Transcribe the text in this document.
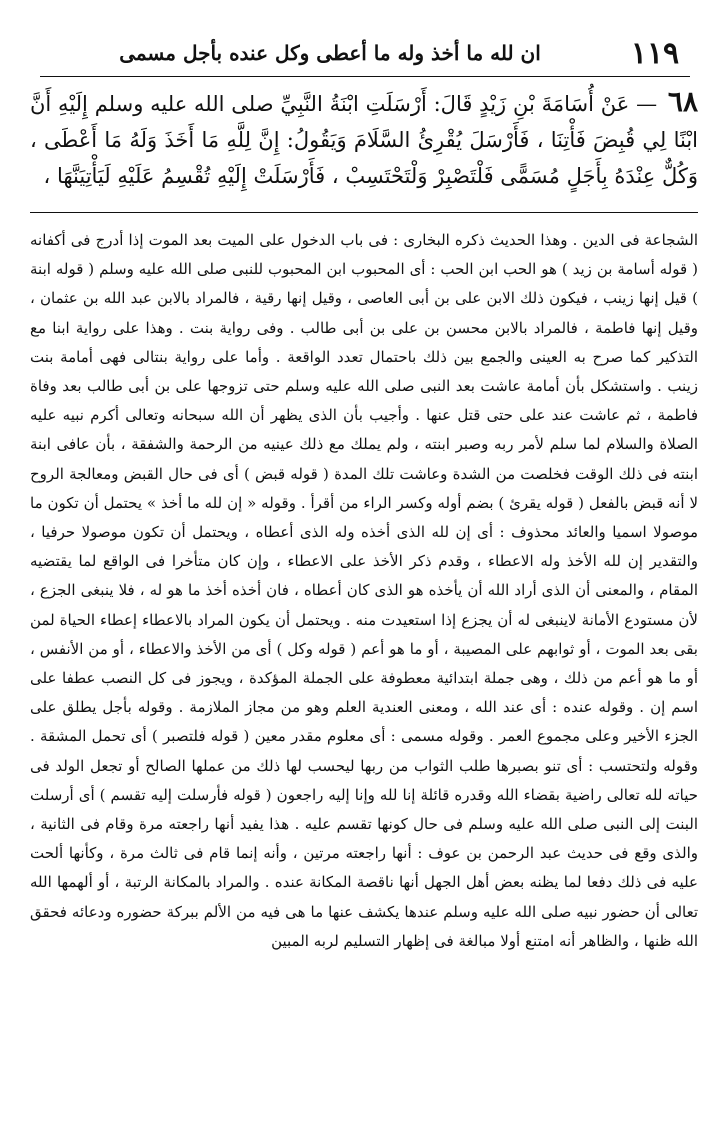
١١٩
ان لله ما أخذ وله ما أعطى وكل عنده بأجل مسمى
٦٨ — عَنْ أُسَامَةَ بْنِ زَيْدٍ قَالَ: أَرْسَلَتِ ابْنَةُ النَّبِيِّ صلى الله عليه وسلم إِلَيْهِ أَنَّ ابْنًا لِي قُبِضَ فَأْتِنَا ، فَأَرْسَلَ يُقْرِئُ السَّلَامَ وَيَقُولُ: إِنَّ لِلَّهِ مَا أَخَذَ وَلَهُ مَا أَعْطَى ، وَكُلٌّ عِنْدَهُ بِأَجَلٍ مُسَمًّى فَلْتَصْبِرْ وَلْتَحْتَسِبْ ، فَأَرْسَلَتْ إِلَيْهِ تُقْسِمُ عَلَيْهِ لَيَأْتِيَنَّهَا ،

الشجاعة فى الدين . وهذا الحديث ذكره البخارى : فى باب الدخول على الميت بعد الموت إذا أدرج فى أكفانه ( قوله أسامة بن زيد ) هو الحب ابن الحب : أى المحبوب ابن المحبوب للنبى صلى الله عليه وسلم ( قوله ابنة ) قيل إنها زينب ، فيكون ذلك الابن على بن أبى العاصى ، وقيل إنها رقية ، فالمراد بالابن عبد الله بن عثمان ، وقيل إنها فاطمة ، فالمراد بالابن محسن بن على بن أبى طالب . وفى رواية بنت . وهذا على رواية ابنا مع التذكير كما صرح به العينى والجمع بين ذلك باحتمال تعدد الواقعة . وأما على رواية بنتالى فهى أمامة بنت زينب . واستشكل بأن أمامة عاشت بعد النبى صلى الله عليه وسلم حتى تزوجها على بن أبى طالب بعد وفاة فاطمة ، ثم عاشت عند على حتى قتل عنها . وأجيب بأن الذى يظهر أن الله سبحانه وتعالى أكرم نبيه عليه الصلاة والسلام لما سلم لأمر ربه وصبر ابنته ، ولم يملك مع ذلك عينيه من الرحمة والشفقة ، بأن عافى ابنة ابنته فى ذلك الوقت فخلصت من الشدة وعاشت تلك المدة ( قوله قبض ) أى فى حال القبض ومعالجة الروح لا أنه قبض بالفعل ( قوله يقرئ ) بضم أوله وكسر الراء من أقرأ . وقوله « إن لله ما أخذ » يحتمل أن تكون ما موصولا اسميا والعائد محذوف : أى إن لله الذى أخذه وله الذى أعطاه ، ويحتمل أن تكون موصولا حرفيا ، والتقدير إن لله الأخذ وله الاعطاء ، وقدم ذكر الأخذ على الاعطاء ، وإن كان متأخرا فى الواقع لما يقتضيه المقام ، والمعنى أن الذى أراد الله أن يأخذه هو الذى كان أعطاه ، فان أخذه أخذ ما هو له ، فلا ينبغى الجزع ، لأن مستودع الأمانة لاينبغى له أن يجزع إذا استعيدت منه . ويحتمل أن يكون المراد بالاعطاء إعطاء الحياة لمن بقى بعد الموت ، أو ثوابهم على المصيبة ، أو ما هو أعم ( قوله وكل ) أى من الأخذ والاعطاء ، أو من الأنفس ، أو ما هو أعم من ذلك ، وهى جملة ابتدائية معطوفة على الجملة المؤكدة ، ويجوز فى كل النصب عطفا على اسم إن . وقوله عنده : أى عند الله ، ومعنى العندية العلم وهو من مجاز الملازمة . وقوله بأجل يطلق على الجزء الأخير وعلى مجموع العمر . وقوله مسمى : أى معلوم مقدر معين ( قوله فلتصبر ) أى تحمل المشقة . وقوله ولتحتسب : أى تنو بصبرها طلب الثواب من ربها ليحسب لها ذلك من عملها الصالح أو تجعل الولد فى حياته لله تعالى راضية بقضاء الله وقدره قائلة إنا لله وإنا إليه راجعون ( قوله فأرسلت إليه تقسم ) أى أرسلت البنت إلى النبى صلى الله عليه وسلم فى حال كونها تقسم عليه . هذا يفيد أنها راجعته مرة وقام فى الثانية ، والذى وقع فى حديث عبد الرحمن بن عوف : أنها راجعته مرتين ، وأنه إنما قام فى ثالث مرة ، وكأنها ألحت عليه فى ذلك دفعا لما يظنه بعض أهل الجهل أنها ناقصة المكانة عنده . والمراد بالمكانة الرتبة ، أو ألهمها الله تعالى أن حضور نبيه صلى الله عليه وسلم عندها يكشف عنها ما هى فيه من الألم ببركة حضوره ودعائه فحقق الله ظنها ، والظاهر أنه امتنع أولا مبالغة فى إظهار التسليم لربه المبين
